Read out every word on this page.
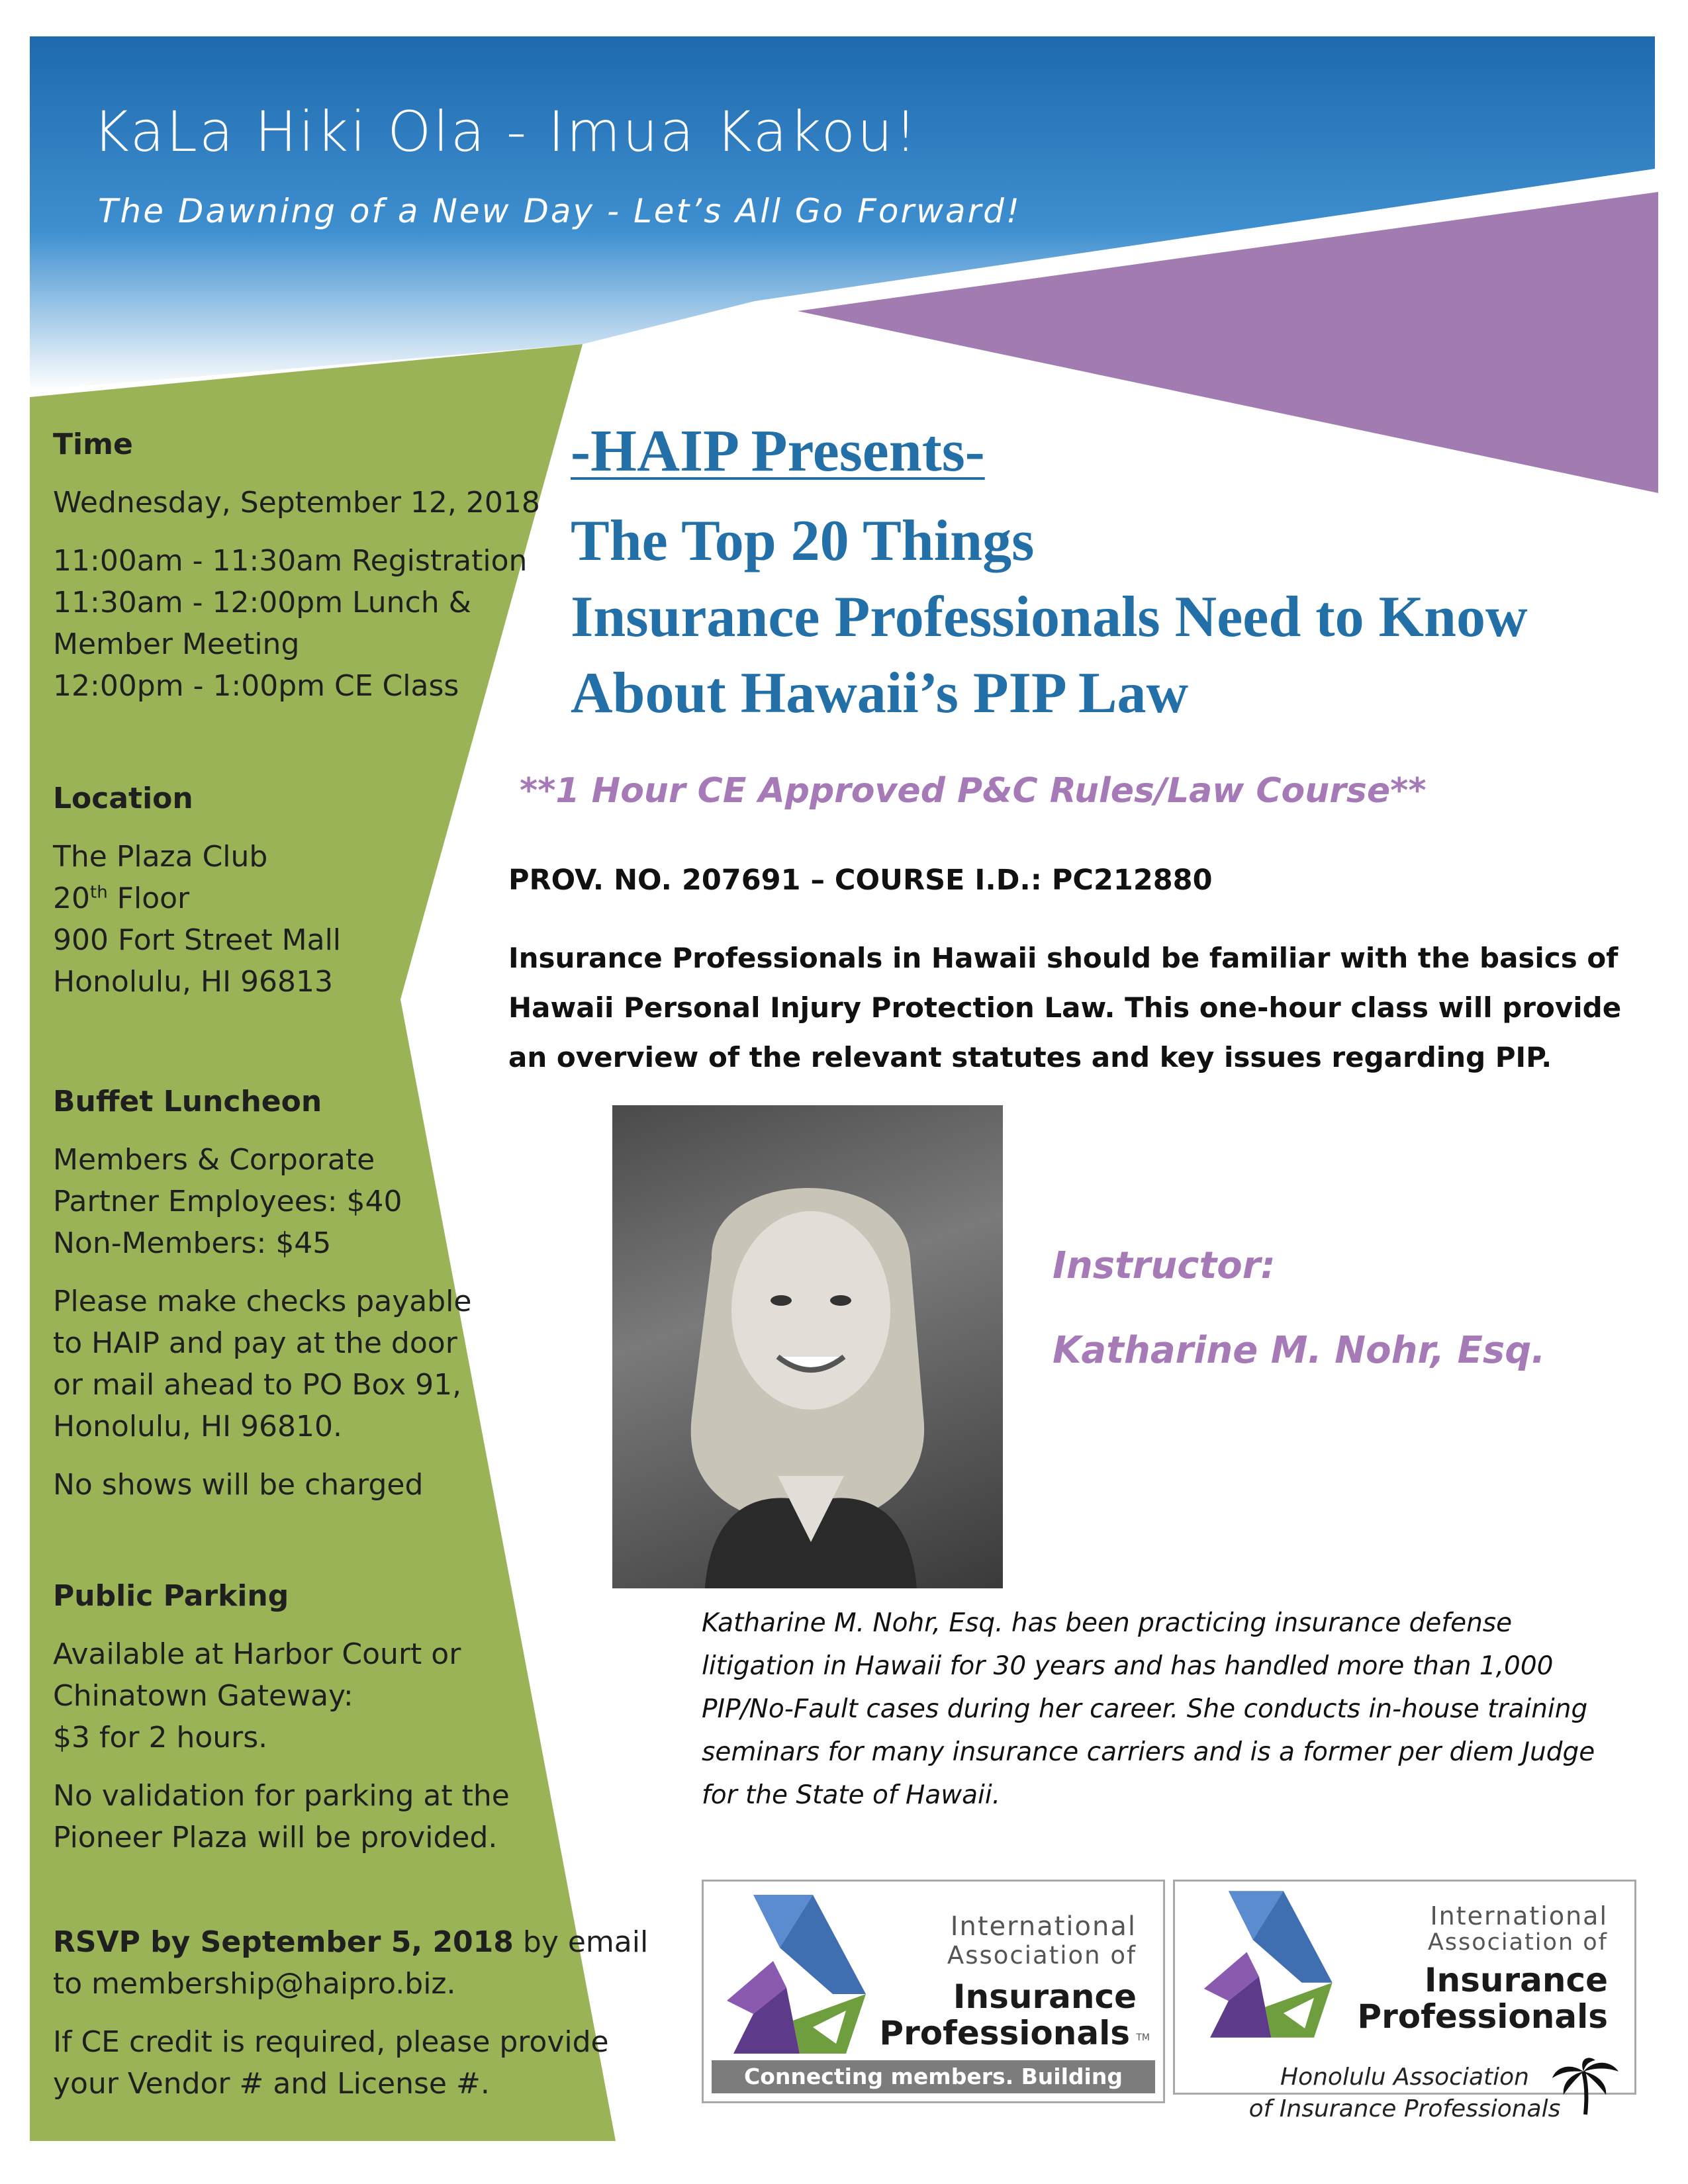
KaLa Hiki Ola - Imua Kakou!
The Dawning of a New Day - Let’s All Go Forward!

Time

Wednesday, September 12, 2018

11:00am - 11:30am Registration

11:30am - 12:00pm Lunch &

Member Meeting

12:00pm - 1:00pm CE Class

Location

The Plaza Club

20th Floor

900 Fort Street Mall

Honolulu, HI 96813

Buffet Luncheon

Members & Corporate

Partner Employees: $40

Non-Members: $45

Please make checks payable

to HAIP and pay at the door

or mail ahead to PO Box 91,

Honolulu, HI 96810.

No shows will be charged

Public Parking

Available at Harbor Court or

Chinatown Gateway:

$3 for 2 hours.

No validation for parking at the

Pioneer Plaza will be provided.

RSVP by September 5, 2018 by email

to membership@haipro.biz.

If CE credit is required, please provide

your Vendor # and License #.

-HAIP Presents-
The Top 20 Things
Insurance Professionals Need to Know
About Hawaii’s PIP Law
**1 Hour CE Approved P&C Rules/Law Course**
PROV. NO. 207691 – COURSE I.D.: PC212880
Insurance Professionals in Hawaii should be familiar with the basics of
Hawaii Personal Injury Protection Law. This one-hour class will provide
an overview of the relevant statutes and key issues regarding PIP.
Instructor:
Katharine M. Nohr, Esq.
Katharine M. Nohr, Esq. has been practicing insurance defense
litigation in Hawaii for 30 years and has handled more than 1,000
PIP/No-Fault cases during her career. She conducts in-house training
seminars for many insurance carriers and is a former per diem Judge
for the State of Hawaii.
International
Association of
Insurance
Professionals TM
Connecting members. Building careers.
International
Association of
Insurance
Professionals
Honolulu Association
of Insurance Professionals
